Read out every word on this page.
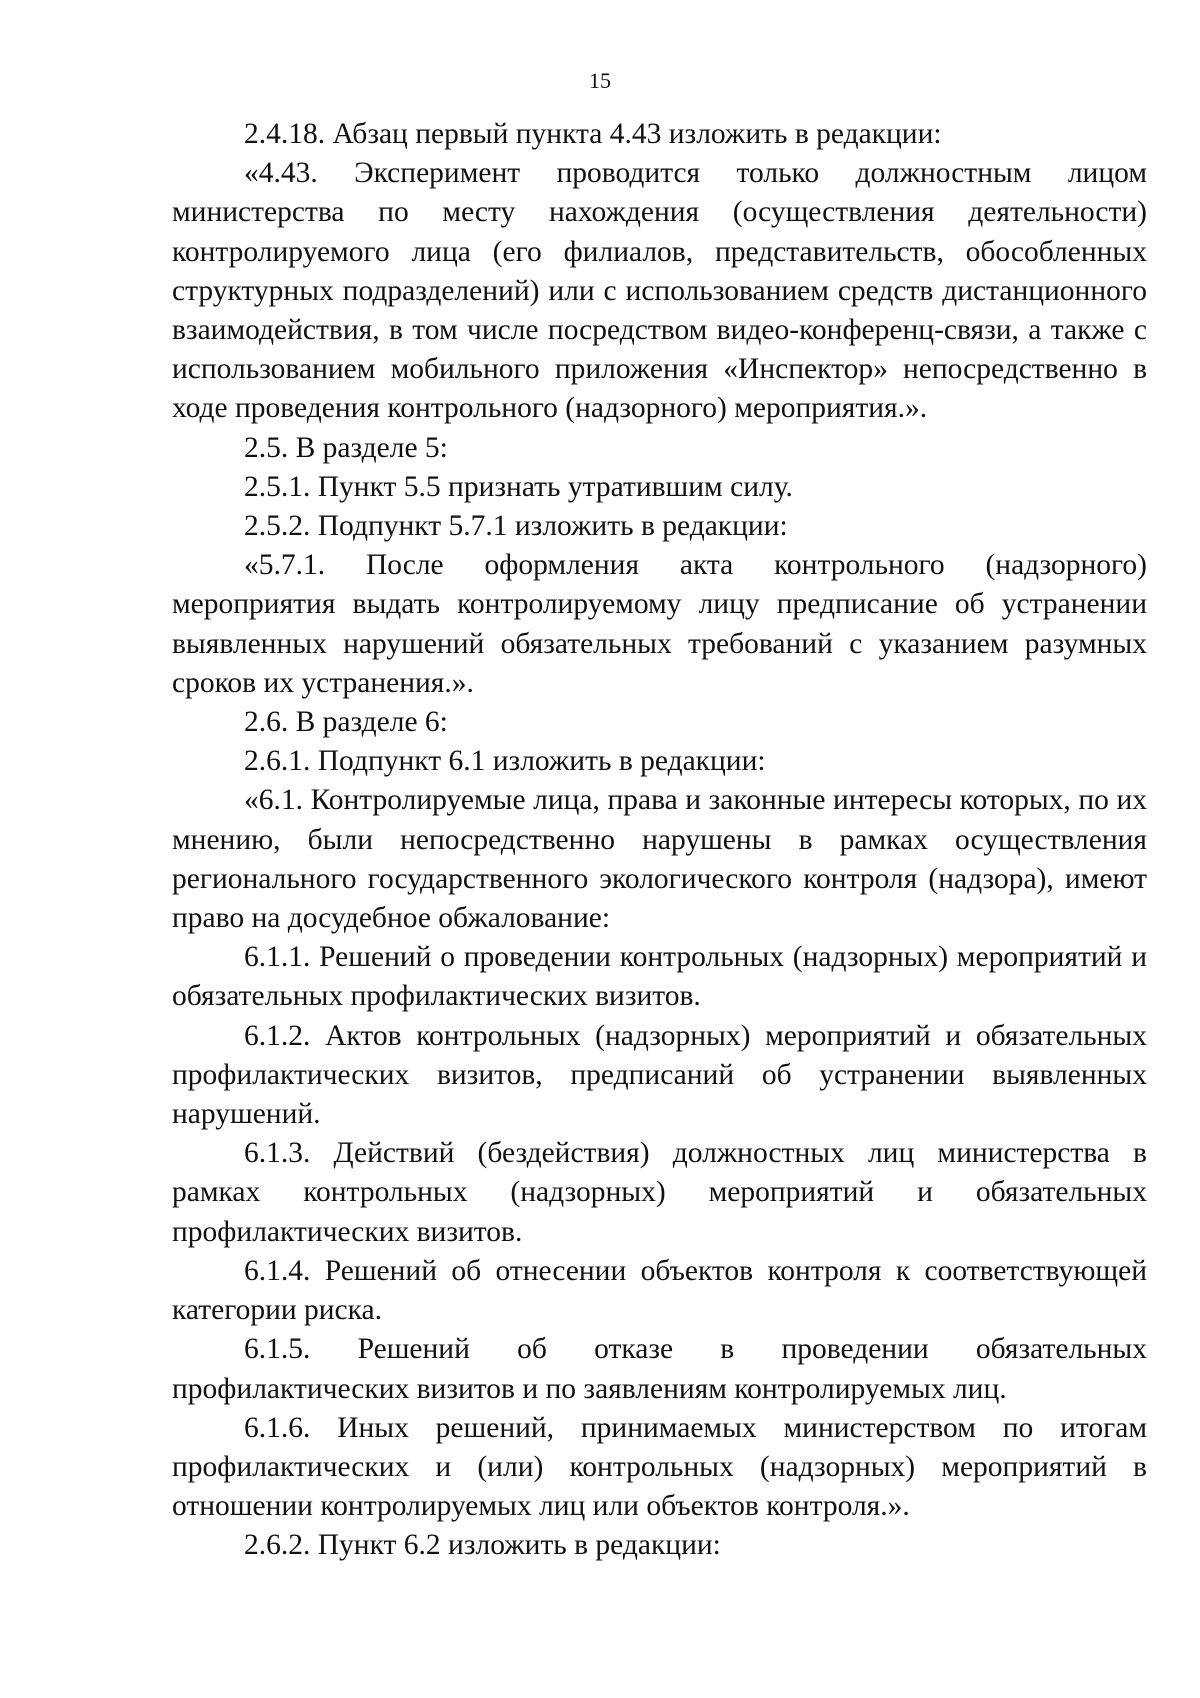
15

2.4.18. Абзац первый пункта 4.43 изложить в редакции:

«4.43. Эксперимент проводится только должностным лицом министерства по месту нахождения (осуществления деятельности) контролируемого лица (его филиалов, представительств, обособленных структурных подразделений) или с использованием средств дистанционного взаимодействия, в том числе посредством видео-конференц-связи, а также с использованием мобильного приложения «Инспектор» непосредственно в ходе проведения контрольного (надзорного) мероприятия.».

2.5. В разделе 5:

2.5.1. Пункт 5.5 признать утратившим силу.

2.5.2. Подпункт 5.7.1 изложить в редакции:

«5.7.1. После оформления акта контрольного (надзорного) мероприятия выдать контролируемому лицу предписание об устранении выявленных нарушений обязательных требований с указанием разумных сроков их устранения.».

2.6. В разделе 6:

2.6.1. Подпункт 6.1 изложить в редакции:

«6.1. Контролируемые лица, права и законные интересы которых, по их мнению, были непосредственно нарушены в рамках осуществления регионального государственного экологического контроля (надзора), имеют право на досудебное обжалование:

6.1.1. Решений о проведении контрольных (надзорных) мероприятий и обязательных профилактических визитов.

6.1.2. Актов контрольных (надзорных) мероприятий и обязательных профилактических визитов, предписаний об устранении выявленных нарушений.

6.1.3. Действий (бездействия) должностных лиц министерства в рамках контрольных (надзорных) мероприятий и обязательных профилактических визитов.

6.1.4. Решений об отнесении объектов контроля к соответствующей категории риска.

6.1.5. Решений об отказе в проведении обязательных профилактических визитов и по заявлениям контролируемых лиц.

6.1.6. Иных решений, принимаемых министерством по итогам профилактических и (или) контрольных (надзорных) мероприятий в отношении контролируемых лиц или объектов контроля.».

2.6.2. Пункт 6.2 изложить в редакции:
